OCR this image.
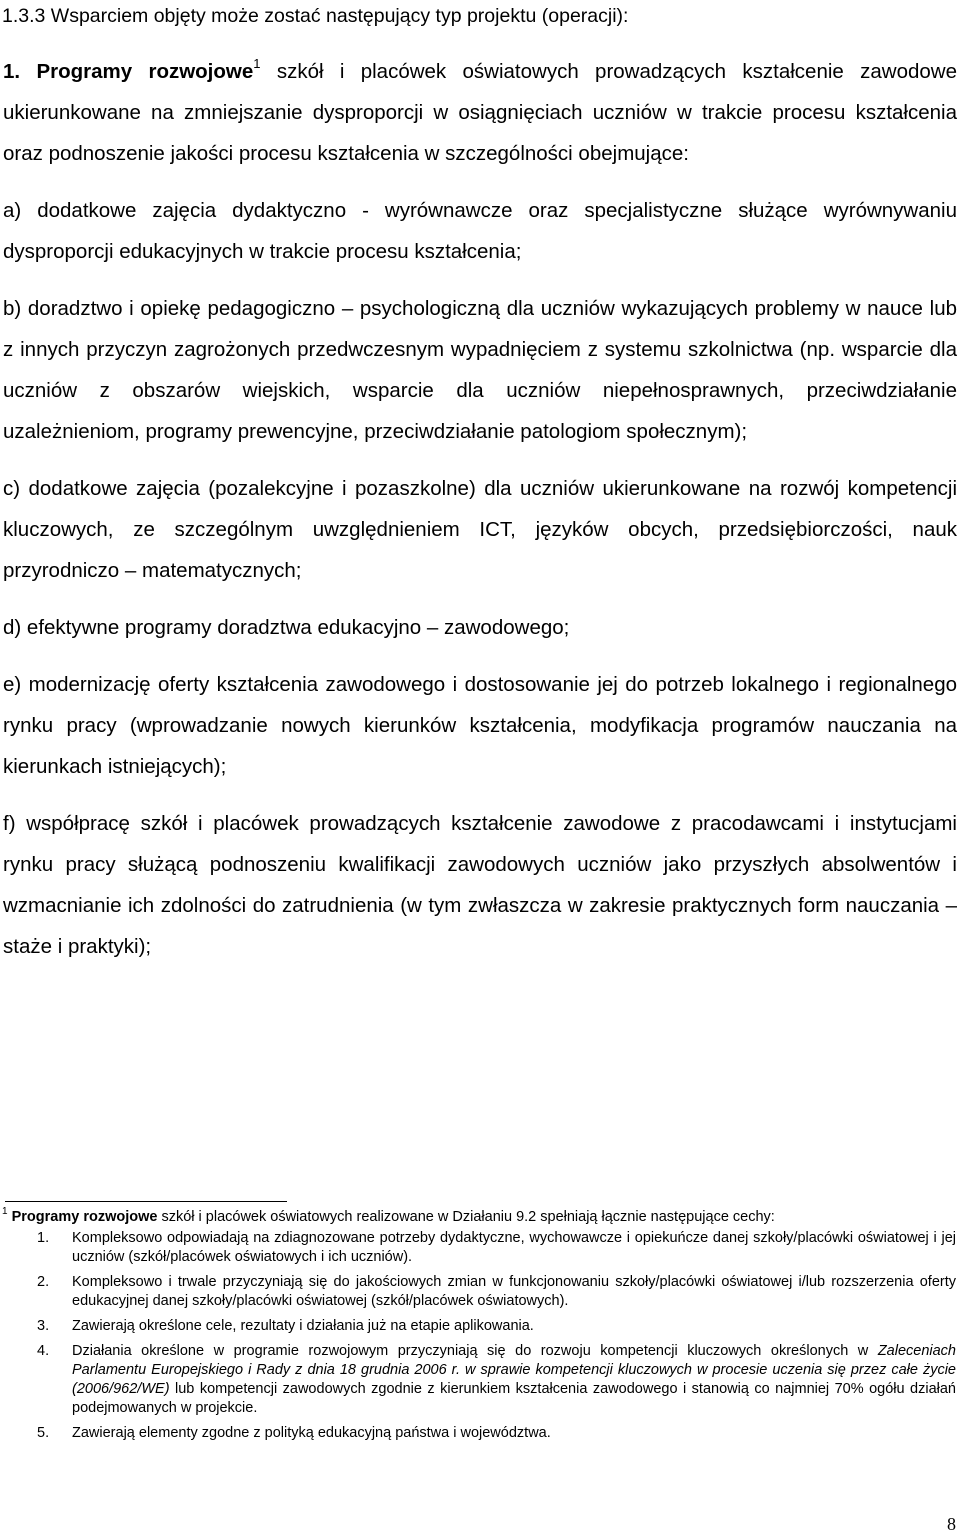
1.3.3 Wsparciem objęty może zostać następujący typ projektu (operacji):

1. Programy rozwojowe$^1$ szkół i placówek oświatowych prowadzących kształcenie zawodowe ukierunkowane na zmniejszanie dysproporcji w osiągnięciach uczniów w trakcie procesu kształcenia oraz podnoszenie jakości procesu kształcenia w szczególności obejmujące:

a) dodatkowe zajęcia dydaktyczno - wyrównawcze oraz specjalistyczne służące wyrównywaniu dysproporcji edukacyjnych w trakcie procesu kształcenia;

b) doradztwo i opiekę pedagogiczno – psychologiczną dla uczniów wykazujących problemy w nauce lub z innych przyczyn zagrożonych przedwczesnym wypadnięciem z systemu szkolnictwa (np. wsparcie dla uczniów z obszarów wiejskich, wsparcie dla uczniów niepełnosprawnych, przeciwdziałanie uzależnieniom, programy prewencyjne, przeciwdziałanie patologiom społecznym);

c) dodatkowe zajęcia (pozalekcyjne i pozaszkolne) dla uczniów ukierunkowane na rozwój kompetencji kluczowych, ze szczególnym uwzględnieniem ICT, języków obcych, przedsiębiorczości, nauk przyrodniczo – matematycznych;

d) efektywne programy doradztwa edukacyjno – zawodowego;

e) modernizację oferty kształcenia zawodowego i dostosowanie jej do potrzeb lokalnego i regionalnego rynku pracy (wprowadzanie nowych kierunków kształcenia, modyfikacja programów nauczania na kierunkach istniejących);

f) współpracę szkół i placówek prowadzących kształcenie zawodowe z pracodawcami i instytucjami rynku pracy służącą podnoszeniu kwalifikacji zawodowych uczniów jako przyszłych absolwentów i wzmacnianie ich zdolności do zatrudnienia (w tym zwłaszcza w zakresie praktycznych form nauczania – staże i praktyki);

$^1$ Programy rozwojowe szkół i placówek oświatowych realizowane w Działaniu 9.2 spełniają łącznie następujące cechy:

1.	Kompleksowo odpowiadają na zdiagnozowane potrzeby dydaktyczne, wychowawcze i opiekuńcze danej szkoły/placówki oświatowej i jej uczniów (szkół/placówek oświatowych i ich uczniów).
2.	Kompleksowo i trwale przyczyniają się do jakościowych zmian w funkcjonowaniu szkoły/placówki oświatowej i/lub rozszerzenia oferty edukacyjnej danej szkoły/placówki oświatowej (szkół/placówek oświatowych).
3.	Zawierają określone cele, rezultaty i działania już na etapie aplikowania.
4.	Działania określone w programie rozwojowym przyczyniają się do rozwoju kompetencji kluczowych określonych w Zaleceniach Parlamentu Europejskiego i Rady z dnia 18 grudnia 2006 r. w sprawie kompetencji kluczowych w procesie uczenia się przez całe życie (2006/962/WE) lub kompetencji zawodowych zgodnie z kierunkiem kształcenia zawodowego i stanowią co najmniej 70% ogółu działań podejmowanych w projekcie.
5.	Zawierają elementy zgodne z polityką edukacyjną państwa i województwa.
8
